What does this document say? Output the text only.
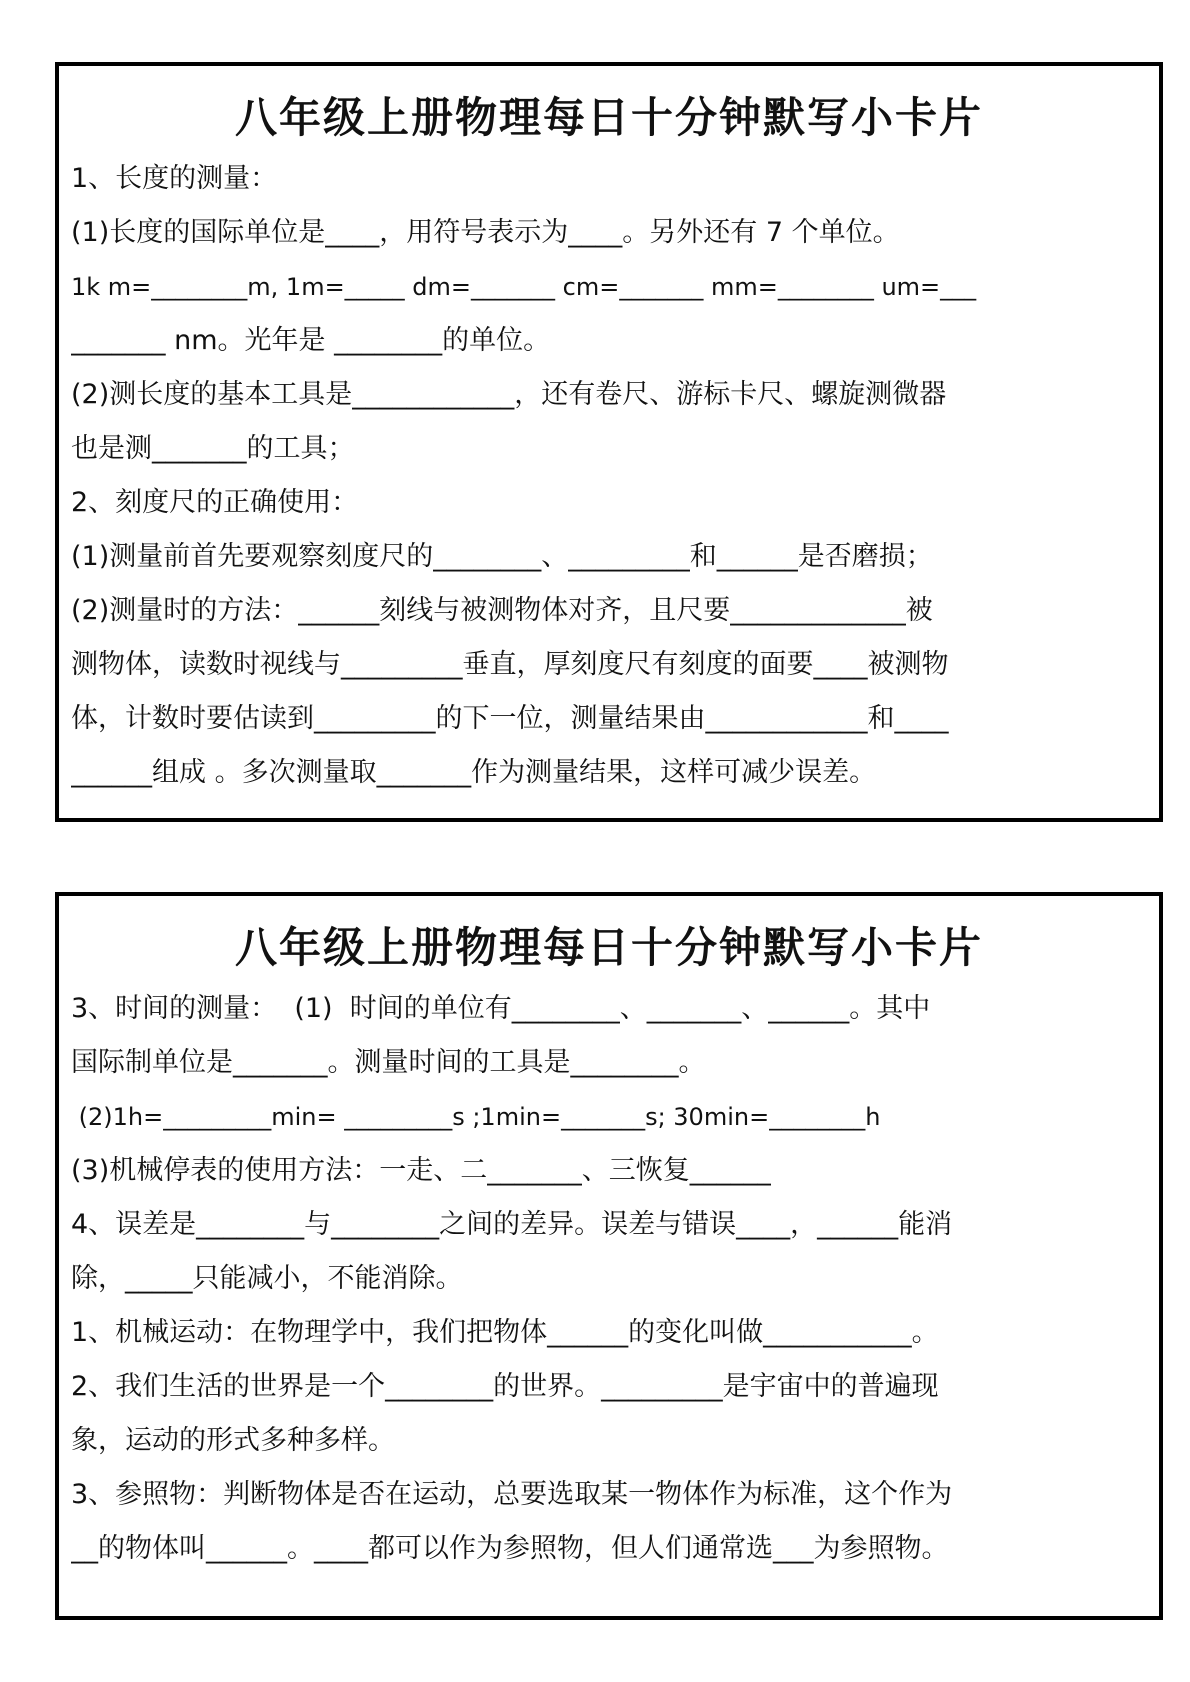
八年级上册物理每日十分钟默写小卡片
1、长度的测量：
(1)长度的国际单位是____，用符号表示为____。另外还有 7 个单位。
1k m=________m, 1m=_____ dm=_______ cm=_______ mm=________ um=___
_______ nm。光年是 ________的单位。
(2)测长度的基本工具是____________，还有卷尺、游标卡尺、螺旋测微器
也是测_______的工具；
2、刻度尺的正确使用：
(1)测量前首先要观察刻度尺的________、_________和______是否磨损；
(2)测量时的方法：______刻线与被测物体对齐，且尺要_____________被
测物体，读数时视线与_________垂直，厚刻度尺有刻度的面要____被测物
体，计数时要估读到_________的下一位，测量结果由____________和____
______组成 。多次测量取_______作为测量结果，这样可减少误差。
八年级上册物理每日十分钟默写小卡片
3、时间的测量：  (1)  时间的单位有________、_______、______。其中
国际制单位是_______。测量时间的工具是________。
(2)1h=_________min= _________s ;1min=_______s; 30min=________h
(3)机械停表的使用方法：一走、二_______、三恢复______
4、误差是________与________之间的差异。误差与错误____，______能消
除，_____只能减小，不能消除。
1、机械运动：在物理学中，我们把物体______的变化叫做___________。
2、我们生活的世界是一个________的世界。_________是宇宙中的普遍现
象，运动的形式多种多样。
3、参照物：判断物体是否在运动，总要选取某一物体作为标准，这个作为
__的物体叫______。____都可以作为参照物，但人们通常选___为参照物。
